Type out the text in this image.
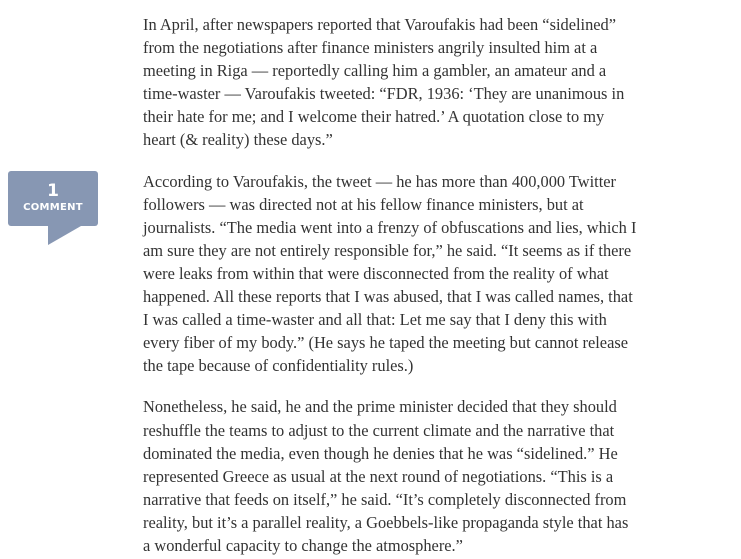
1
COMMENT

In April, after newspapers reported that Varoufakis had been “sidelined”
from the negotiations after finance ministers angrily insulted him at a
meeting in Riga — reportedly calling him a gambler, an amateur and a
time-waster — Varoufakis tweeted: “FDR, 1936: ‘They are unanimous in
their hate for me; and I welcome their hatred.’ A quotation close to my
heart (& reality) these days.”

According to Varoufakis, the tweet — he has more than 400,000 Twitter
followers — was directed not at his fellow finance ministers, but at
journalists. “The media went into a frenzy of obfuscations and lies, which I
am sure they are not entirely responsible for,” he said. “It seems as if there
were leaks from within that were disconnected from the reality of what
happened. All these reports that I was abused, that I was called names, that
I was called a time-waster and all that: Let me say that I deny this with
every fiber of my body.” (He says he taped the meeting but cannot release
the tape because of confidentiality rules.)

Nonetheless, he said, he and the prime minister decided that they should
reshuffle the teams to adjust to the current climate and the narrative that
dominated the media, even though he denies that he was “sidelined.” He
represented Greece as usual at the next round of negotiations. “This is a
narrative that feeds on itself,” he said. “It’s completely disconnected from
reality, but it’s a parallel reality, a Goebbels-like propaganda style that has
a wonderful capacity to change the atmosphere.”
